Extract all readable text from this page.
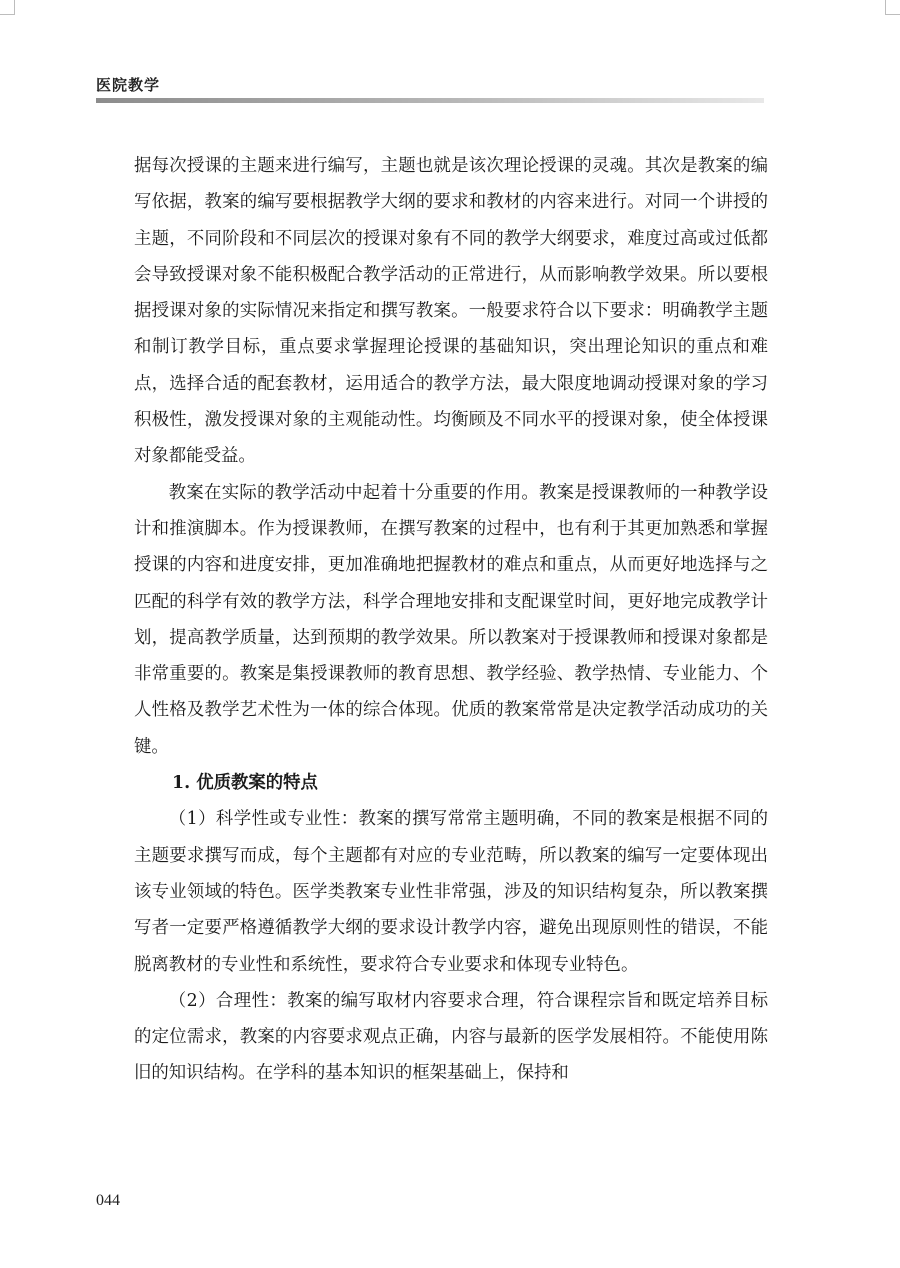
医院教学

据每次授课的主题来进行编写，主题也就是该次理论授课的灵魂。其次是教案的编写依据，教案的编写要根据教学大纲的要求和教材的内容来进行。对同一个讲授的主题，不同阶段和不同层次的授课对象有不同的教学大纲要求，难度过高或过低都会导致授课对象不能积极配合教学活动的正常进行，从而影响教学效果。所以要根据授课对象的实际情况来指定和撰写教案。一般要求符合以下要求：明确教学主题和制订教学目标，重点要求掌握理论授课的基础知识，突出理论知识的重点和难点，选择合适的配套教材，运用适合的教学方法，最大限度地调动授课对象的学习积极性，激发授课对象的主观能动性。均衡顾及不同水平的授课对象，使全体授课对象都能受益。

教案在实际的教学活动中起着十分重要的作用。教案是授课教师的一种教学设计和推演脚本。作为授课教师，在撰写教案的过程中，也有利于其更加熟悉和掌握授课的内容和进度安排，更加准确地把握教材的难点和重点，从而更好地选择与之匹配的科学有效的教学方法，科学合理地安排和支配课堂时间，更好地完成教学计划，提高教学质量，达到预期的教学效果。所以教案对于授课教师和授课对象都是非常重要的。教案是集授课教师的教育思想、教学经验、教学热情、专业能力、个人性格及教学艺术性为一体的综合体现。优质的教案常常是决定教学活动成功的关键。

1. 优质教案的特点

（1）科学性或专业性：教案的撰写常常主题明确，不同的教案是根据不同的主题要求撰写而成，每个主题都有对应的专业范畴，所以教案的编写一定要体现出该专业领域的特色。医学类教案专业性非常强，涉及的知识结构复杂，所以教案撰写者一定要严格遵循教学大纲的要求设计教学内容，避免出现原则性的错误，不能脱离教材的专业性和系统性，要求符合专业要求和体现专业特色。

（2）合理性：教案的编写取材内容要求合理，符合课程宗旨和既定培养目标的定位需求，教案的内容要求观点正确，内容与最新的医学发展相符。不能使用陈旧的知识结构。在学科的基本知识的框架基础上，保持和

044
